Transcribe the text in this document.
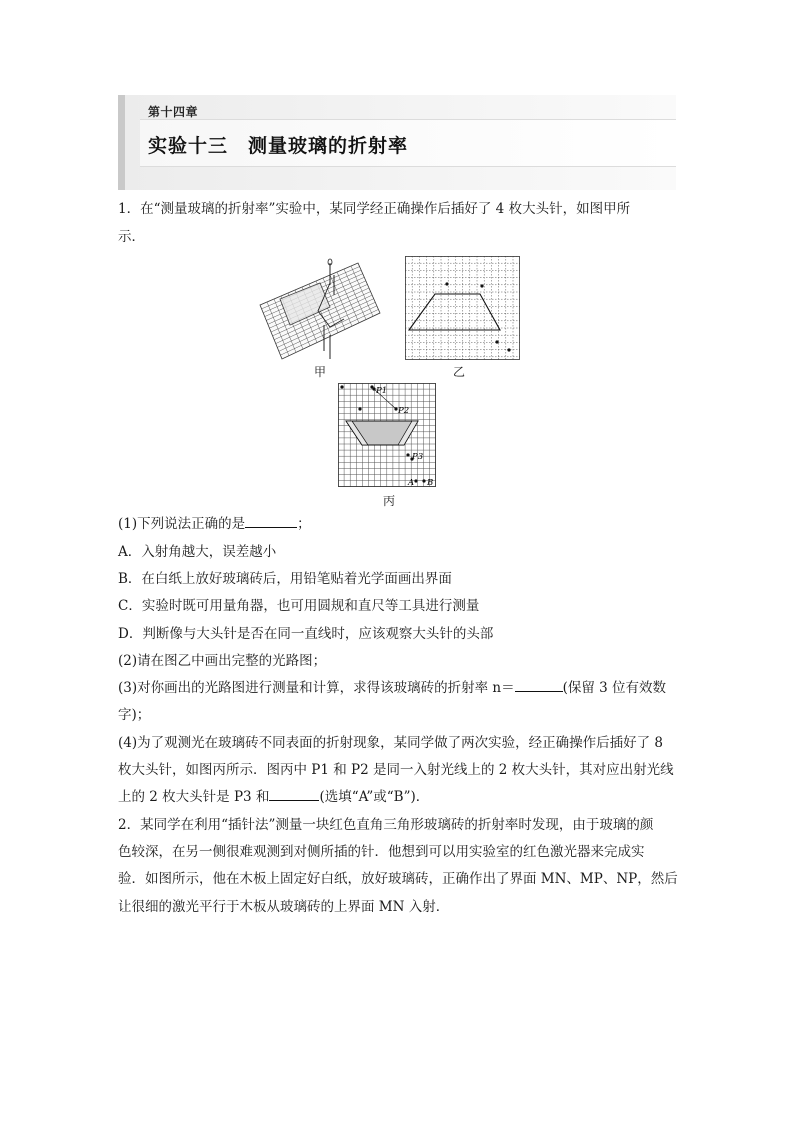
第十四章
实验十三　测量玻璃的折射率
1．在“测量玻璃的折射率”实验中，某同学经正确操作后插好了 4 枚大头针，如图甲所
示．
甲	乙
P1
P2
P3
A B
丙
(1)下列说法正确的是	；
A．入射角越大，误差越小
B．在白纸上放好玻璃砖后，用铅笔贴着光学面画出界面
C．实验时既可用量角器，也可用圆规和直尺等工具进行测量
D．判断像与大头针是否在同一直线时，应该观察大头针的头部
(2)请在图乙中画出完整的光路图；
(3)对你画出的光路图进行测量和计算，求得该玻璃砖的折射率 n＝	(保留 3 位有效数
字)；
(4)为了观测光在玻璃砖不同表面的折射现象，某同学做了两次实验，经正确操作后插好了 8
枚大头针，如图丙所示．图丙中 P1 和 P2 是同一入射光线上的 2 枚大头针，其对应出射光线
上的 2 枚大头针是 P3 和	(选填“A”或“B”)．
2．某同学在利用“插针法”测量一块红色直角三角形玻璃砖的折射率时发现，由于玻璃的颜
色较深，在另一侧很难观测到对侧所插的针．他想到可以用实验室的红色激光器来完成实
验．如图所示，他在木板上固定好白纸，放好玻璃砖，正确作出了界面 MN、MP、NP，然后
让很细的激光平行于木板从玻璃砖的上界面 MN 入射．
